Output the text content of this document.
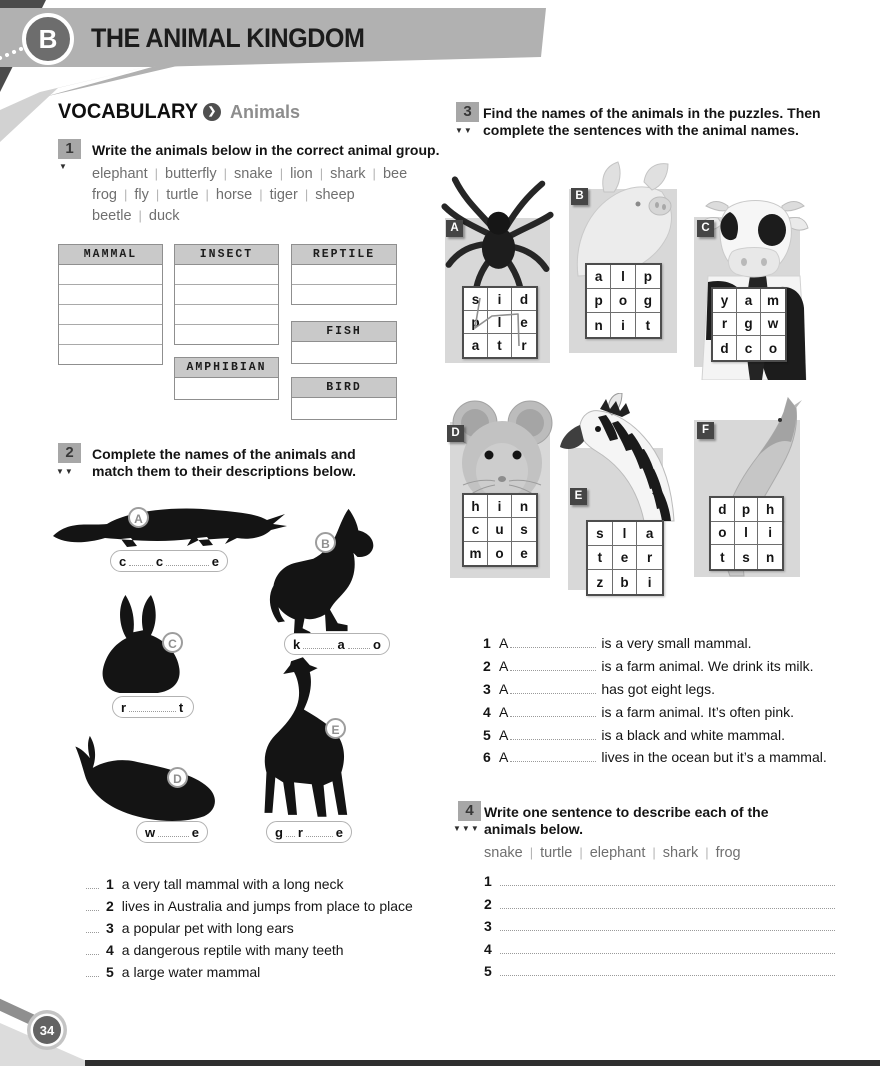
B	THE ANIMAL KINGDOM
VOCABULARY ❯ Animals
1
▼
Write the animals below in the correct animal group.
elephant | butterfly | snake | lion | shark | bee
frog | fly | turtle | horse | tiger | sheep
beetle | duck
MAMMAL	INSECT	REPTILE
FISH
AMPHIBIAN
BIRD
2
▼▼
Complete the names of the animals and
match them to their descriptions below.
A
B
C
D
E
c c	e
k	a o
r	t
w	e	g r	e
1 a very tall mammal with a long neck
2 lives in Australia and jumps from place to place
3 a popular pet with long ears
4 a dangerous reptile with many teeth
5 a large water mammal
3
▼▼
Find the names of the animals in the puzzles. Then
complete the sentences with the animal names.
A
s	i	d
p	l	e
a	t	r
B
a	l	p
p	o	g
n	i	t
C
y	a	m
r	g	w
d	c	o
D
h	i	n
c	u	s
m	o	e
E
s	l	a
t	e	r
z	b	i
F
d	p	h
o	l	i
t	s	n
1 A	is a very small mammal.
2 A	is a farm animal. We drink its milk.
3 A	has got eight legs.
4 A	is a farm animal. It’s often pink.
5 A	is a black and white mammal.
6 A	lives in the ocean but it’s a mammal.
4
▼▼▼
Write one sentence to describe each of the
animals below.
snake | turtle | elephant | shark | frog
1
2
3
4
5
34
